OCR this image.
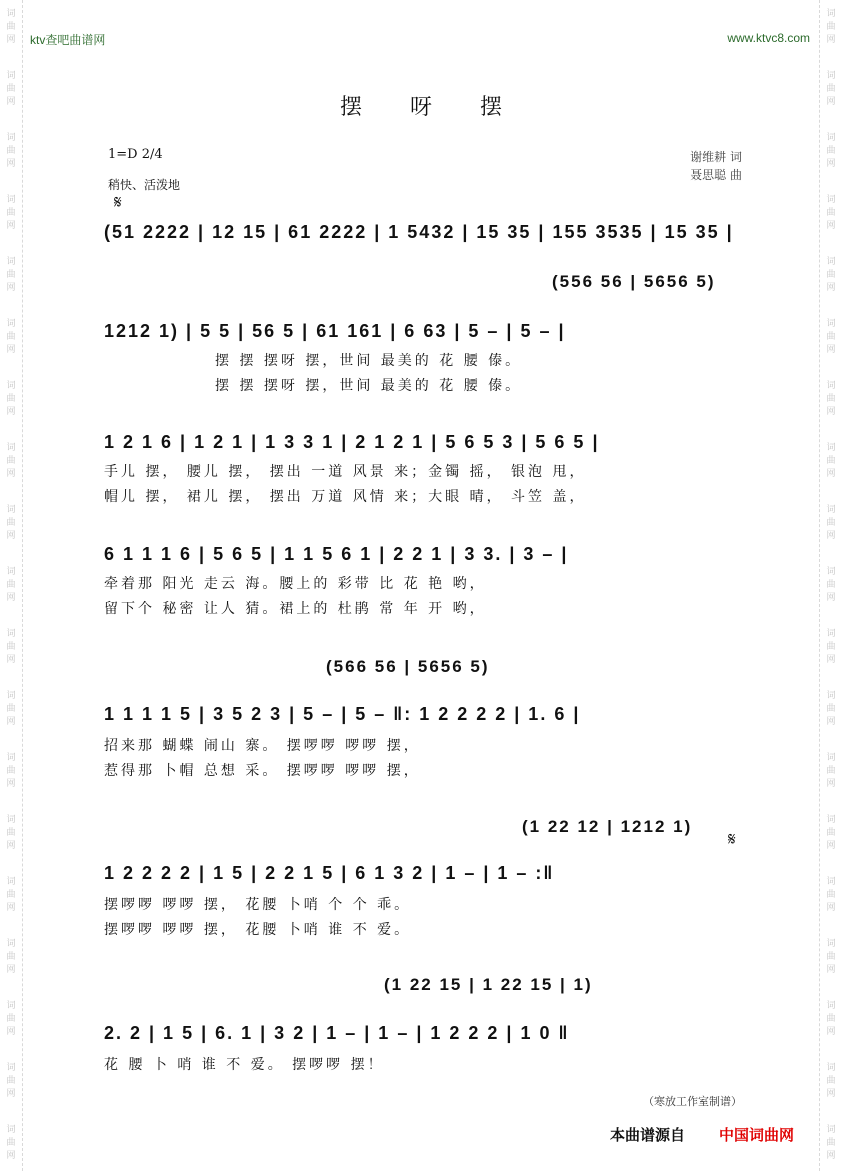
ktv查吧曲谱网	www.ktvc8.com
摆呀摆
1=D 2/4
稍快、活泼地
谢维耕 词
聂思聪 曲
𝄋
(51 2222 | 12 15 | 61 2222 | 1 5432 | 15 35 | 155 3535 | 15 35 |
(556 56 | 5656 5)
1212 1) | 5 5 | 56 5 | 61 161 | 6 63 | 5 – | 5 – |
摆 摆 摆呀 摆，世间 最美的 花 腰 傣。
摆 摆 摆呀 摆，世间 最美的 花 腰 傣。
1 2 1 6 | 1 2 1 | 1 3 3 1 | 2 1 2 1 | 5 6 5 3 | 5 6 5 |
手儿 摆， 腰儿 摆， 摆出 一道 风景 来；金镯 摇， 银泡 甩，
帽儿 摆， 裙儿 摆， 摆出 万道 风情 来；大眼 晴， 斗笠 盖，
6 1 1 1 6 | 5 6 5 | 1 1 5 6 1 | 2 2 1 | 3 3. | 3 – |
牵着那 阳光 走云 海。腰上的 彩带 比 花 艳 哟，
留下个 秘密 让人 猜。裙上的 杜鹃 常 年 开 哟，
(566 56 | 5656 5)
1 1 1 1 5 | 3 5 2 3 | 5 – | 5 – ‖: 1 2 2 2 2 | 1. 6 |
招来那 蝴蝶 闹山 寨。 摆啰啰 啰啰 摆，
惹得那 卜帽 总想 采。 摆啰啰 啰啰 摆，
(1 22 12 | 1212 1)
𝄋
1 2 2 2 2 | 1 5 | 2 2 1 5 | 6 1 3 2 | 1 – | 1 – :‖
摆啰啰 啰啰 摆， 花腰 卜哨 个 个 乖。
摆啰啰 啰啰 摆， 花腰 卜哨 谁 不 爱。
(1 22 15 | 1 22 15 | 1)
2. 2 | 1 5 | 6. 1 | 3 2 | 1 – | 1 – | 1 2 2 2 | 1 0 ‖
花 腰 卜 哨 谁 不 爱。 摆啰啰 摆！
（寒放工作室制谱）
本曲谱源自 中国词曲网
词
曲
网
词
曲
网
词
曲
网
词
曲
网
词
曲
网
词
曲
网
词
曲
网
词
曲
网
词
曲
网
词
曲
网
词
曲
网
词
曲
网
词
曲
网
词
曲
网
词
曲
网
词
曲
网
词
曲
网
词
曲
网
词
曲
网
词
曲
网
词
曲
网
词
曲
网
词
曲
网
词
曲
网
词
曲
网
词
曲
网
词
曲
网
词
曲
网
词
曲
网
词
曲
网
词
曲
网
词
曲
网
词
曲
网
词
曲
网
词
曲
网
词
曲
网
词
曲
网
词
曲
网
